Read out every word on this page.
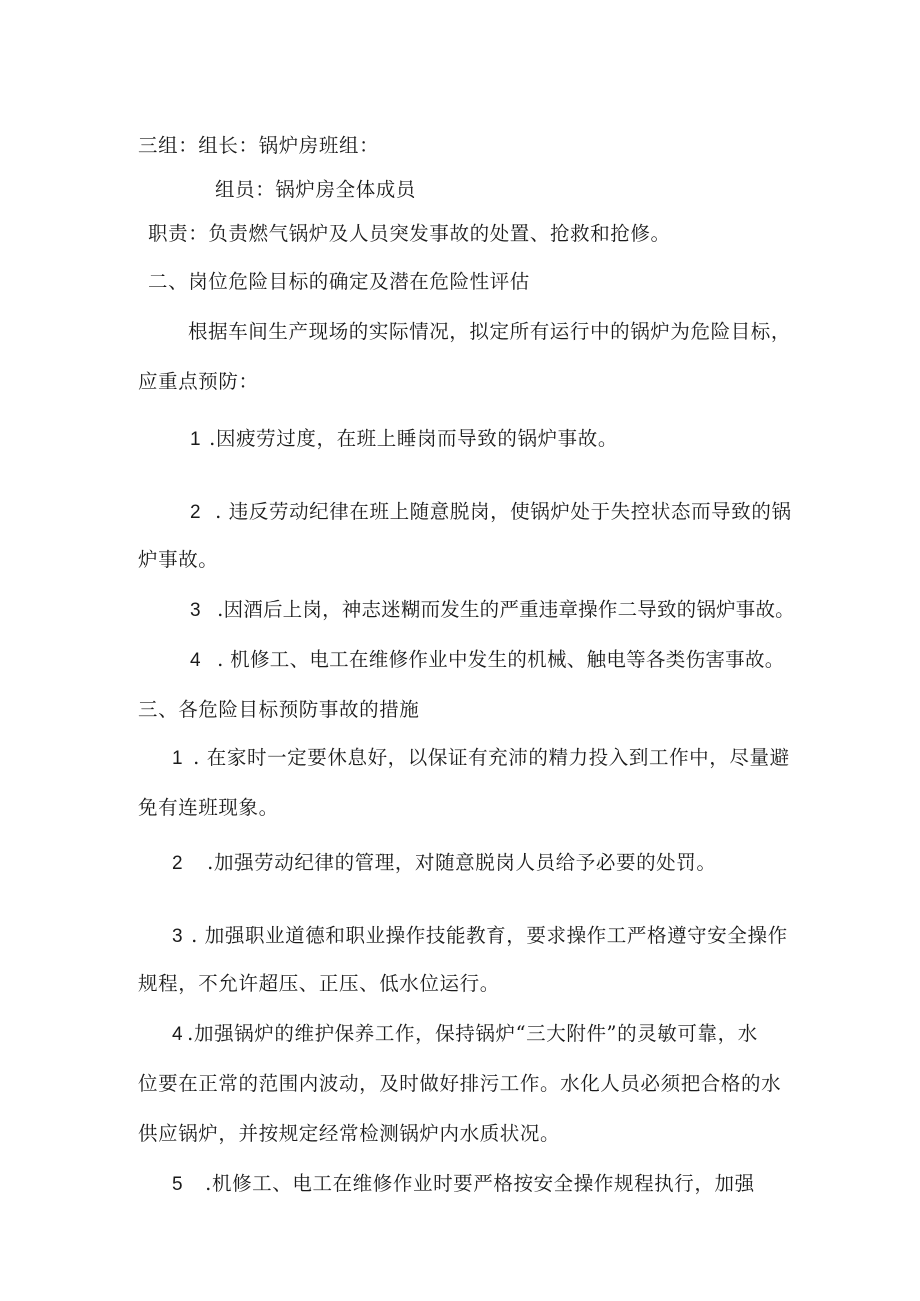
三组：组长：锅炉房班组：
组员：锅炉房全体成员
职责：负责燃气锅炉及人员突发事故的处置、抢救和抢修。
二、岗位危险目标的确定及潜在危险性评估
根据车间生产现场的实际情况，拟定所有运行中的锅炉为危险目标，
应重点预防：
1 .因疲劳过度，在班上睡岗而导致的锅炉事故。
2 . 违反劳动纪律在班上随意脱岗，使锅炉处于失控状态而导致的锅
炉事故。
3 .因酒后上岗，神志迷糊而发生的严重违章操作二导致的锅炉事故。
4 . 机修工、电工在维修作业中发生的机械、触电等各类伤害事故。
三、各危险目标预防事故的措施
1 . 在家时一定要休息好，以保证有充沛的精力投入到工作中，尽量避
免有连班现象。
2 .加强劳动纪律的管理，对随意脱岗人员给予必要的处罚。
3 . 加强职业道德和职业操作技能教育，要求操作工严格遵守安全操作
规程，不允许超压、正压、低水位运行。
4 .加强锅炉的维护保养工作，保持锅炉“三大附件”的灵敏可靠，水
位要在正常的范围内波动，及时做好排污工作。水化人员必须把合格的水
供应锅炉，并按规定经常检测锅炉内水质状况。
5 .机修工、电工在维修作业时要严格按安全操作规程执行，加强
